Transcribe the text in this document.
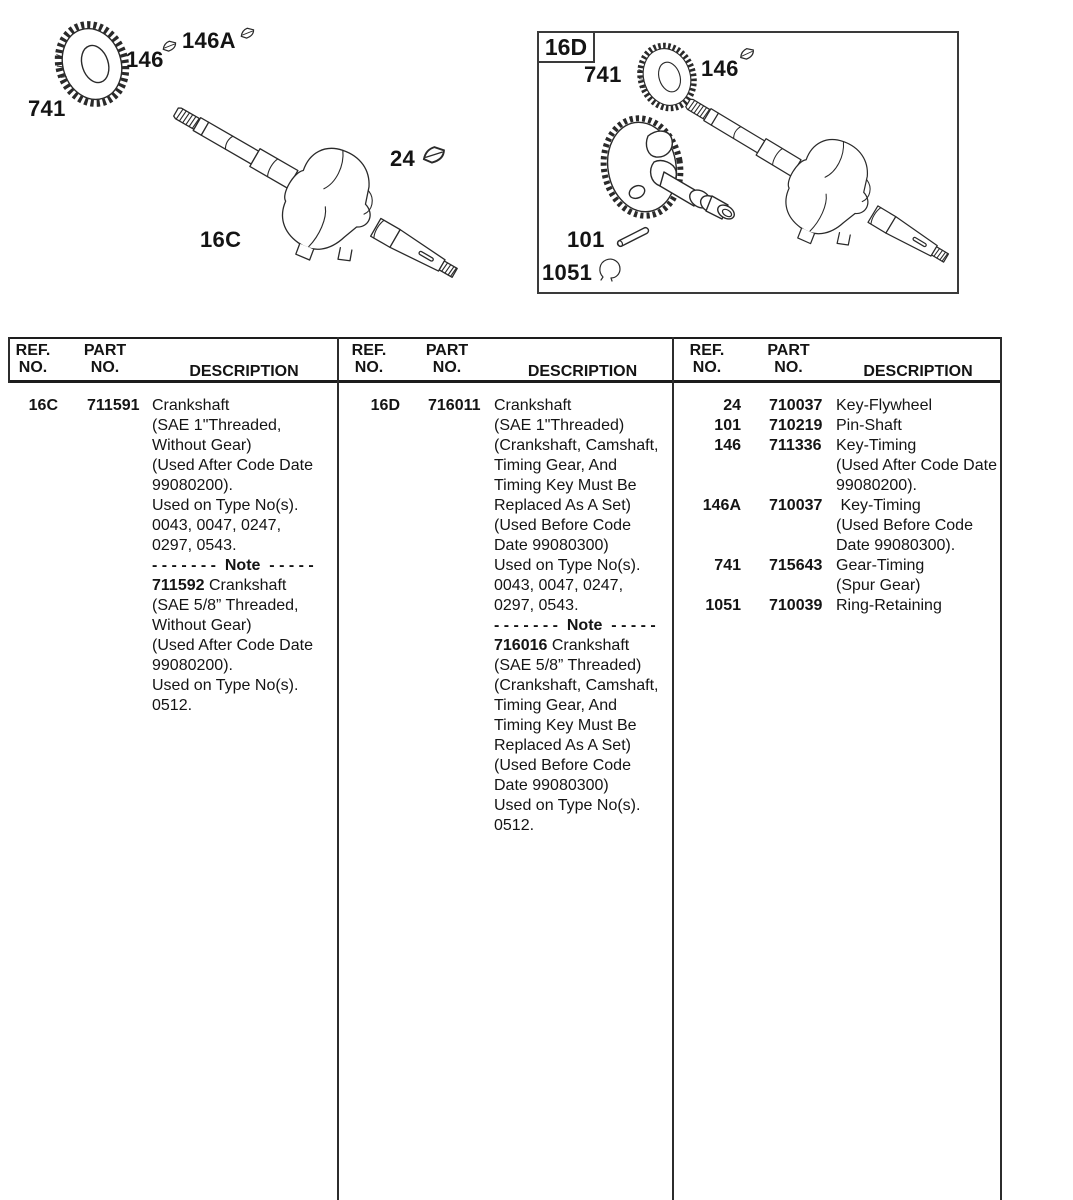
16D
741
146
146A
24
16C
741	146
101
1051
REF.
NO.
PART
NO.	DESCRIPTION
REF.
NO.
PART
NO.	DESCRIPTION
REF.
NO.
PART
NO.	DESCRIPTION
16C	711591 Crankshaft
(SAE 1"Threaded,
Without Gear)
(Used After Code Date
99080200).
Used on Type No(s).
0043, 0047, 0247,
0297, 0543.
- - - - - - -  Note  - - - - -
711592 Crankshaft
(SAE 5/8” Threaded,
Without Gear)
(Used After Code Date
99080200).
Used on Type No(s).
0512.
16D	716011 Crankshaft
(SAE 1"Threaded)
(Crankshaft, Camshaft,
Timing Gear, And
Timing Key Must Be
Replaced As A Set)
(Used Before Code
Date 99080300)
Used on Type No(s).
0043, 0047, 0247,
0297, 0543.
- - - - - - -  Note  - - - - -
716016 Crankshaft
(SAE 5/8” Threaded)
(Crankshaft, Camshaft,
Timing Gear, And
Timing Key Must Be
Replaced As A Set)
(Used Before Code
Date 99080300)
Used on Type No(s).
0512.
24	710037 Key-Flywheel
101	710219 Pin-Shaft
146	711336 Key-Timing
(Used After Code Date
99080200).
146A	710037 Key-Timing
(Used Before Code
Date 99080300).
741	715643 Gear-Timing
(Spur Gear)
1051	710039 Ring-Retaining
